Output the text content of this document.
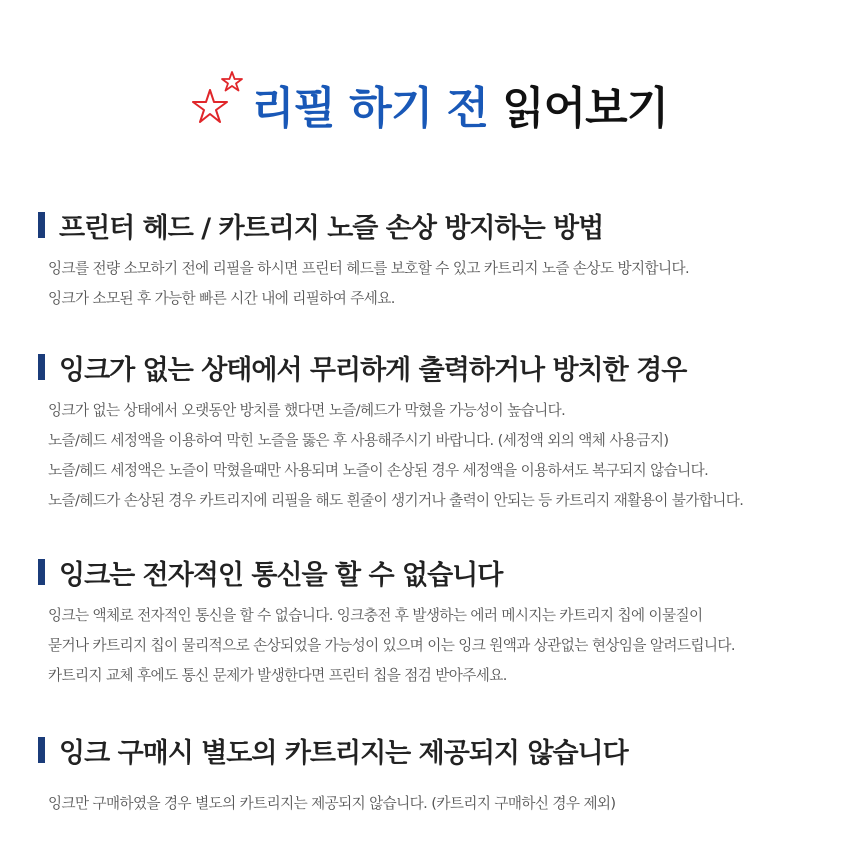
리필 하기 전 읽어보기
프린터 헤드 / 카트리지 노즐 손상 방지하는 방법
잉크를 전량 소모하기 전에 리필을 하시면 프린터 헤드를 보호할 수 있고 카트리지 노즐 손상도 방지합니다.
잉크가 소모된 후 가능한 빠른 시간 내에 리필하여 주세요.
잉크가 없는 상태에서 무리하게 출력하거나 방치한 경우
잉크가 없는 상태에서 오랫동안 방치를 했다면 노즐/헤드가 막혔을 가능성이 높습니다.
노즐/헤드 세정액을 이용하여 막힌 노즐을 뚫은 후 사용해주시기 바랍니다. (세정액 외의 액체 사용금지)
노즐/헤드 세정액은 노즐이 막혔을때만 사용되며 노즐이 손상된 경우 세정액을 이용하셔도 복구되지 않습니다.
노즐/헤드가 손상된 경우 카트리지에 리필을 해도 흰줄이 생기거나 출력이 안되는 등 카트리지 재활용이 불가합니다.
잉크는 전자적인 통신을 할 수 없습니다
잉크는 액체로 전자적인 통신을 할 수 없습니다. 잉크충전 후 발생하는 에러 메시지는 카트리지 칩에 이물질이
묻거나 카트리지 칩이 물리적으로 손상되었을 가능성이 있으며 이는 잉크 원액과 상관없는 현상임을 알려드립니다.
카트리지 교체 후에도 통신 문제가 발생한다면 프린터 칩을 점검 받아주세요.
잉크 구매시 별도의 카트리지는 제공되지 않습니다
잉크만 구매하였을 경우 별도의 카트리지는 제공되지 않습니다. (카트리지 구매하신 경우 제외)
